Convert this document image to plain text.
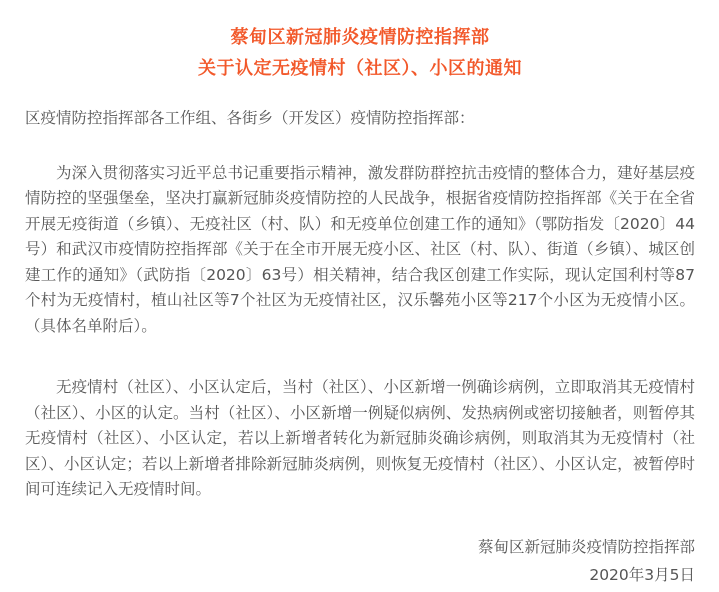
蔡甸区新冠肺炎疫情防控指挥部
关于认定无疫情村（社区）、小区的通知

区疫情防控指挥部各工作组、各街乡（开发区）疫情防控指挥部：

为深入贯彻落实习近平总书记重要指示精神，激发群防群控抗击疫情的整体合力，建好基层疫情防控的坚强堡垒，坚决打赢新冠肺炎疫情防控的人民战争，根据省疫情防控指挥部《关于在全省开展无疫街道（乡镇）、无疫社区（村、队）和无疫单位创建工作的通知》（鄂防指发〔2020〕44号）和武汉市疫情防控指挥部《关于在全市开展无疫小区、社区（村、队）、街道（乡镇）、城区创建工作的通知》（武防指〔2020〕63号）相关精神，结合我区创建工作实际，现认定国利村等87个村为无疫情村，植山社区等7个社区为无疫情社区，汉乐馨苑小区等217个小区为无疫情小区。（具体名单附后）。

无疫情村（社区）、小区认定后，当村（社区）、小区新增一例确诊病例，立即取消其无疫情村（社区）、小区的认定。当村（社区）、小区新增一例疑似病例、发热病例或密切接触者，则暂停其无疫情村（社区）、小区认定，若以上新增者转化为新冠肺炎确诊病例，则取消其为无疫情村（社区）、小区认定；若以上新增者排除新冠肺炎病例，则恢复无疫情村（社区）、小区认定，被暂停时间可连续记入无疫情时间。

蔡甸区新冠肺炎疫情防控指挥部
2020年3月5日
